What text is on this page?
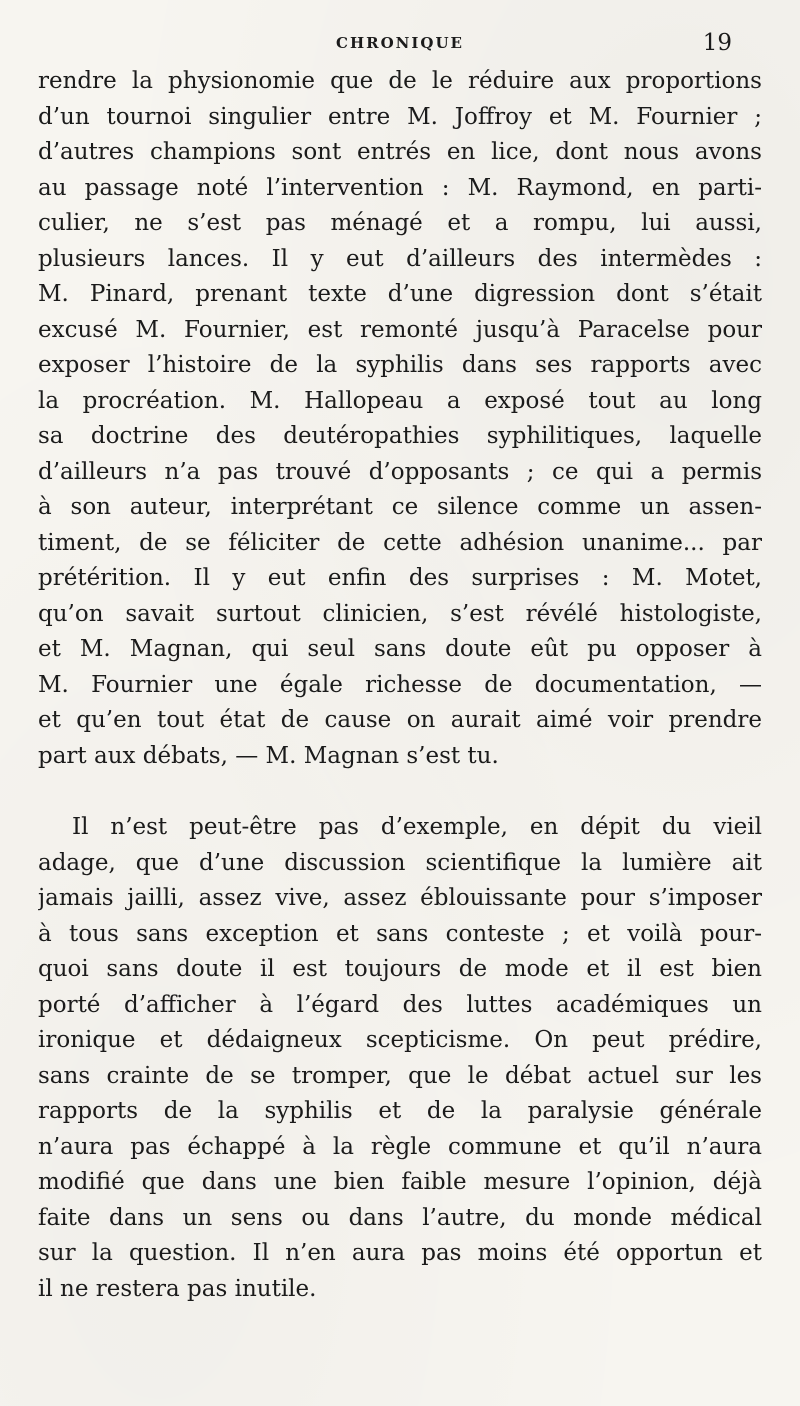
CHRONIQUE	19
rendre la physionomie que de le réduire aux proportions
d’un tournoi singulier entre M. Joffroy et M. Fournier ;
d’autres champions sont entrés en lice, dont nous avons
au passage noté l’intervention : M. Raymond, en parti-
culier, ne s’est pas ménagé et a rompu, lui aussi,
plusieurs lances. Il y eut d’ailleurs des intermèdes :
M. Pinard, prenant texte d’une digression dont s’était
excusé M. Fournier, est remonté jusqu’à Paracelse pour
exposer l’histoire de la syphilis dans ses rapports avec
la procréation. M. Hallopeau a exposé tout au long
sa doctrine des deutéropathies syphilitiques, laquelle
d’ailleurs n’a pas trouvé d’opposants ; ce qui a permis
à son auteur, interprétant ce silence comme un assen-
timent, de se féliciter de cette adhésion unanime... par
prétérition. Il y eut enfin des surprises : M. Motet,
qu’on savait surtout clinicien, s’est révélé histologiste,
et M. Magnan, qui seul sans doute eût pu opposer à
M. Fournier une égale richesse de documentation, —
et qu’en tout état de cause on aurait aimé voir prendre
part aux débats, — M. Magnan s’est tu.
Il n’est peut-être pas d’exemple, en dépit du vieil
adage, que d’une discussion scientifique la lumière ait
jamais jailli, assez vive, assez éblouissante pour s’imposer
à tous sans exception et sans conteste ; et voilà pour-
quoi sans doute il est toujours de mode et il est bien
porté d’afficher à l’égard des luttes académiques un
ironique et dédaigneux scepticisme. On peut prédire,
sans crainte de se tromper, que le débat actuel sur les
rapports de la syphilis et de la paralysie générale
n’aura pas échappé à la règle commune et qu’il n’aura
modifié que dans une bien faible mesure l’opinion, déjà
faite dans un sens ou dans l’autre, du monde médical
sur la question. Il n’en aura pas moins été opportun et
il ne restera pas inutile.
